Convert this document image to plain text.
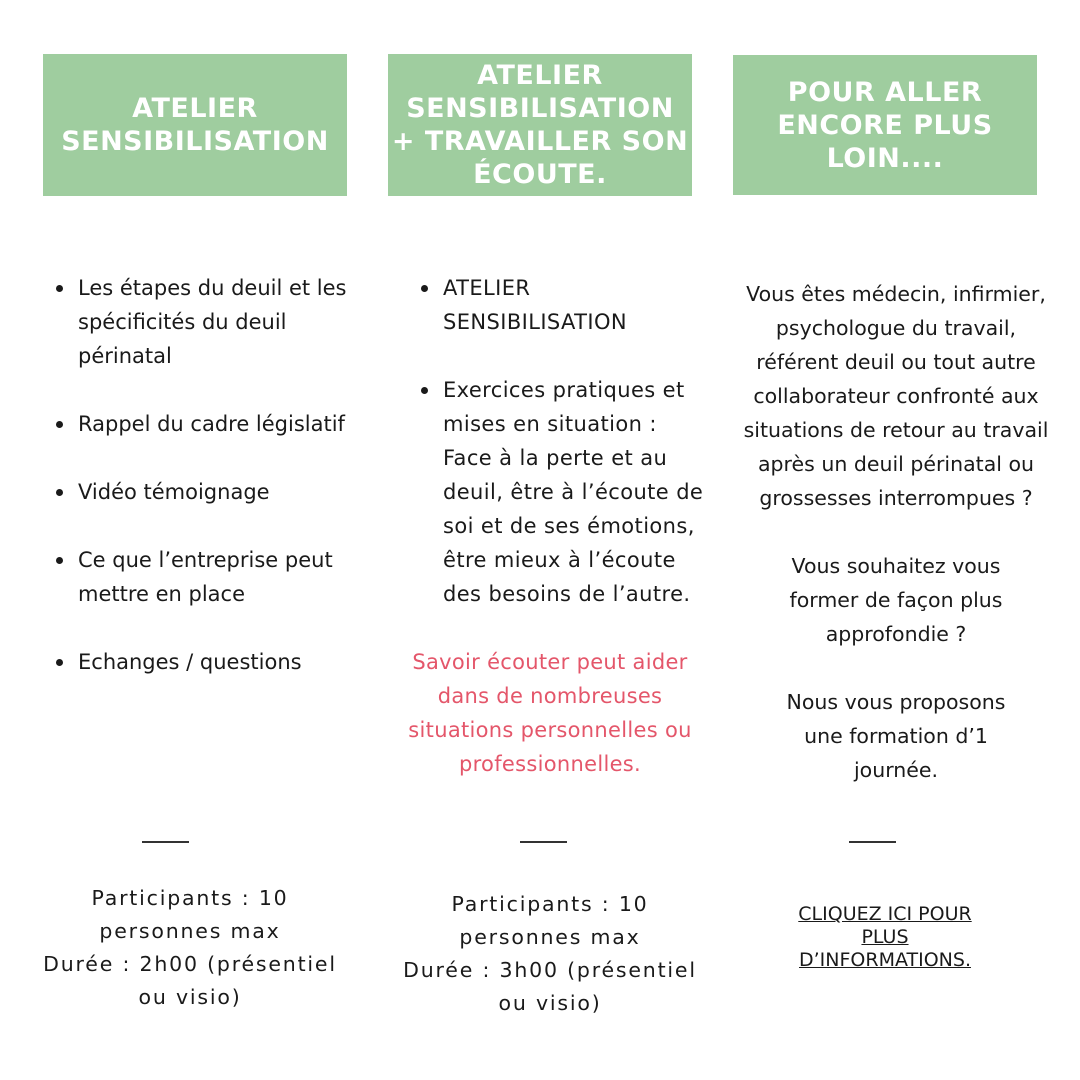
ATELIER
SENSIBILISATION
ATELIER
SENSIBILISATION
+ TRAVAILLER SON
ÉCOUTE.
POUR ALLER
ENCORE PLUS LOIN....
Les étapes du deuil et les spécificités du deuil périnatal
Rappel du cadre législatif
Vidéo témoignage
Ce que l’entreprise peut mettre en place
Echanges / questions
ATELIER SENSIBILISATION
Exercices pratiques et mises en situation : Face à la perte et au deuil, être à l’écoute de soi et de ses émotions, être mieux à l’écoute des besoins de l’autre.
Savoir écouter peut aider dans de nombreuses situations personnelles ou professionnelles.

Vous êtes médecin, infirmier, psychologue du travail, référent deuil ou tout autre collaborateur confronté aux situations de retour au travail après un deuil périnatal ou grossesses interrompues ?

Vous souhaitez vous former de façon plus approfondie ?

Nous vous proposons une formation d’1 journée.

Participants : 10
personnes max
Durée : 2h00 (présentiel
ou visio)
Participants : 10
personnes max
Durée : 3h00 (présentiel
ou visio)
CLIQUEZ ICI POUR
PLUS
D’INFORMATIONS.
